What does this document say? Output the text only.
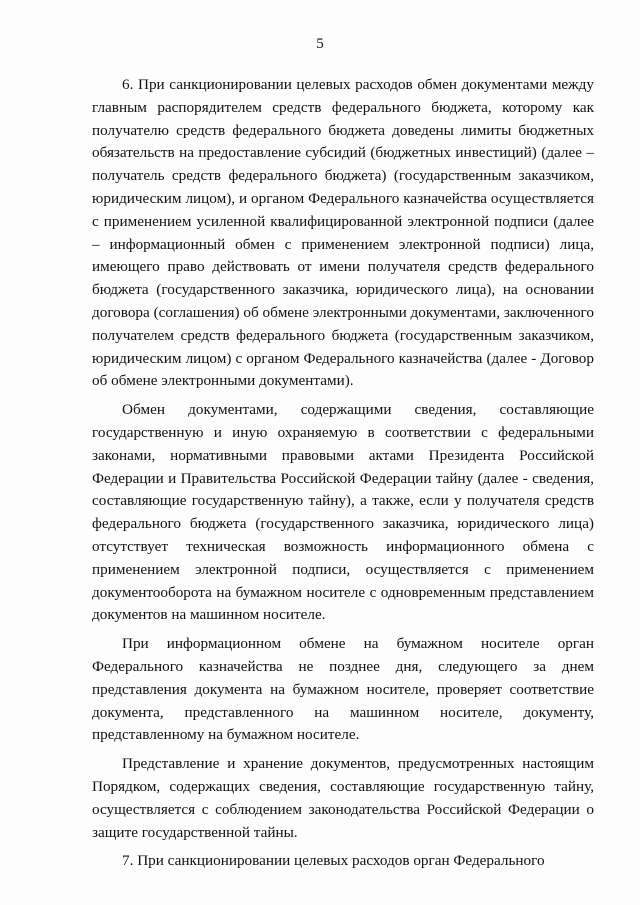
5

6. При санкционировании целевых расходов обмен документами между главным распорядителем средств федерального бюджета, которому как получателю средств федерального бюджета доведены лимиты бюджетных обязательств на предоставление субсидий (бюджетных инвестиций) (далее – получатель средств федерального бюджета) (государственным заказчиком, юридическим лицом), и органом Федерального казначейства осуществляется с применением усиленной квалифицированной электронной подписи (далее – информационный обмен с применением электронной подписи) лица, имеющего право действовать от имени получателя средств федерального бюджета (государственного заказчика, юридического лица), на основании договора (соглашения) об обмене электронными документами, заключенного получателем средств федерального бюджета (государственным заказчиком, юридическим лицом) с органом Федерального казначейства (далее - Договор об обмене электронными документами).

Обмен документами, содержащими сведения, составляющие государственную и иную охраняемую в соответствии с федеральными законами, нормативными правовыми актами Президента Российской Федерации и Правительства Российской Федерации тайну (далее - сведения, составляющие государственную тайну), а также, если у получателя средств федерального бюджета (государственного заказчика, юридического лица) отсутствует техническая возможность информационного обмена с применением электронной подписи, осуществляется с применением документооборота на бумажном носителе с одновременным представлением документов на машинном носителе.

При информационном обмене на бумажном носителе орган Федерального казначейства не позднее дня, следующего за днем представления документа на бумажном носителе, проверяет соответствие документа, представленного на машинном носителе, документу, представленному на бумажном носителе.

Представление и хранение документов, предусмотренных настоящим Порядком, содержащих сведения, составляющие государственную тайну, осуществляется с соблюдением законодательства Российской Федерации о защите государственной тайны.

7. При санкционировании целевых расходов орган Федерального
